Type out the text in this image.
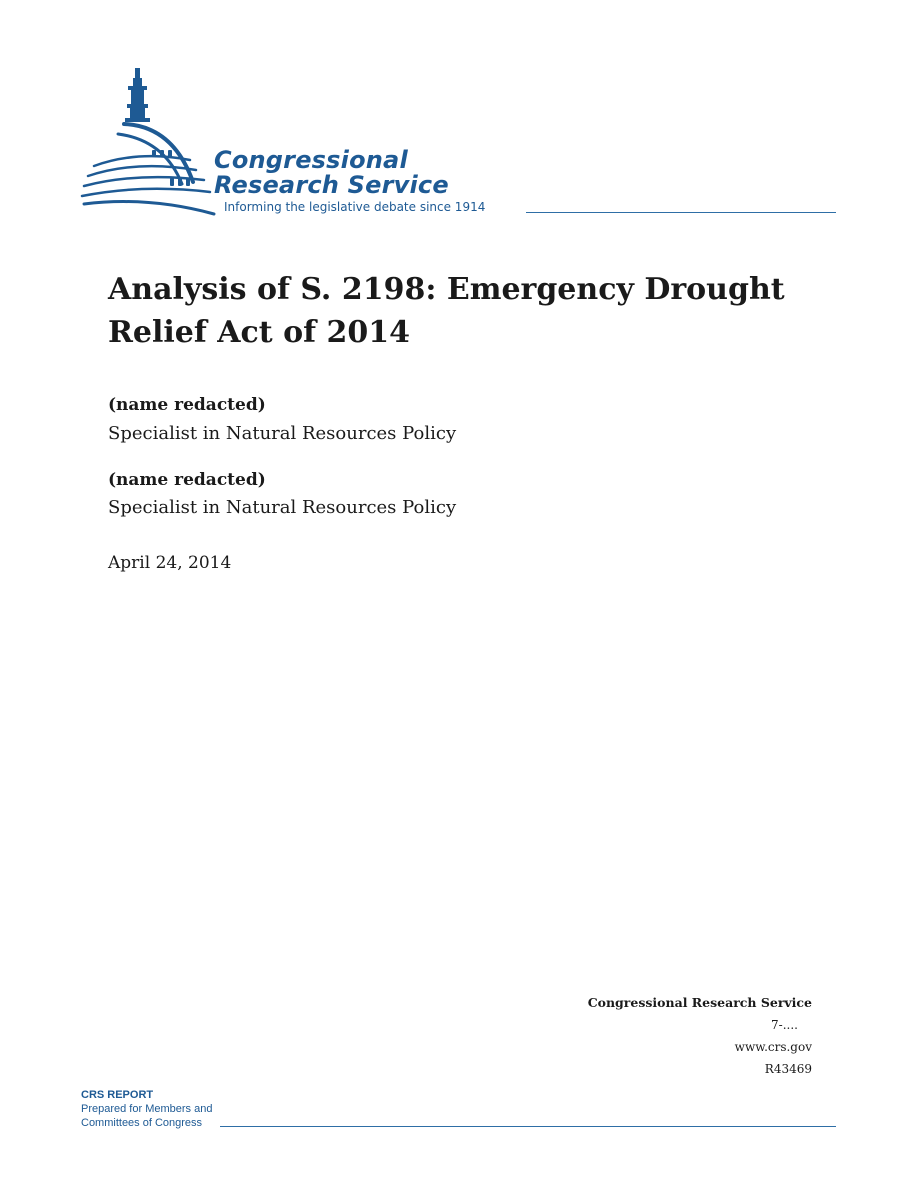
Congressional
Research Service
Informing the legislative debate since 1914
Analysis of S. 2198: Emergency Drought Relief Act of 2014
(name redacted)
Specialist in Natural Resources Policy
(name redacted)
Specialist in Natural Resources Policy
April 24, 2014
Congressional Research Service
7-....
www.crs.gov
R43469
CRS REPORT
Prepared for Members and
Committees of Congress
